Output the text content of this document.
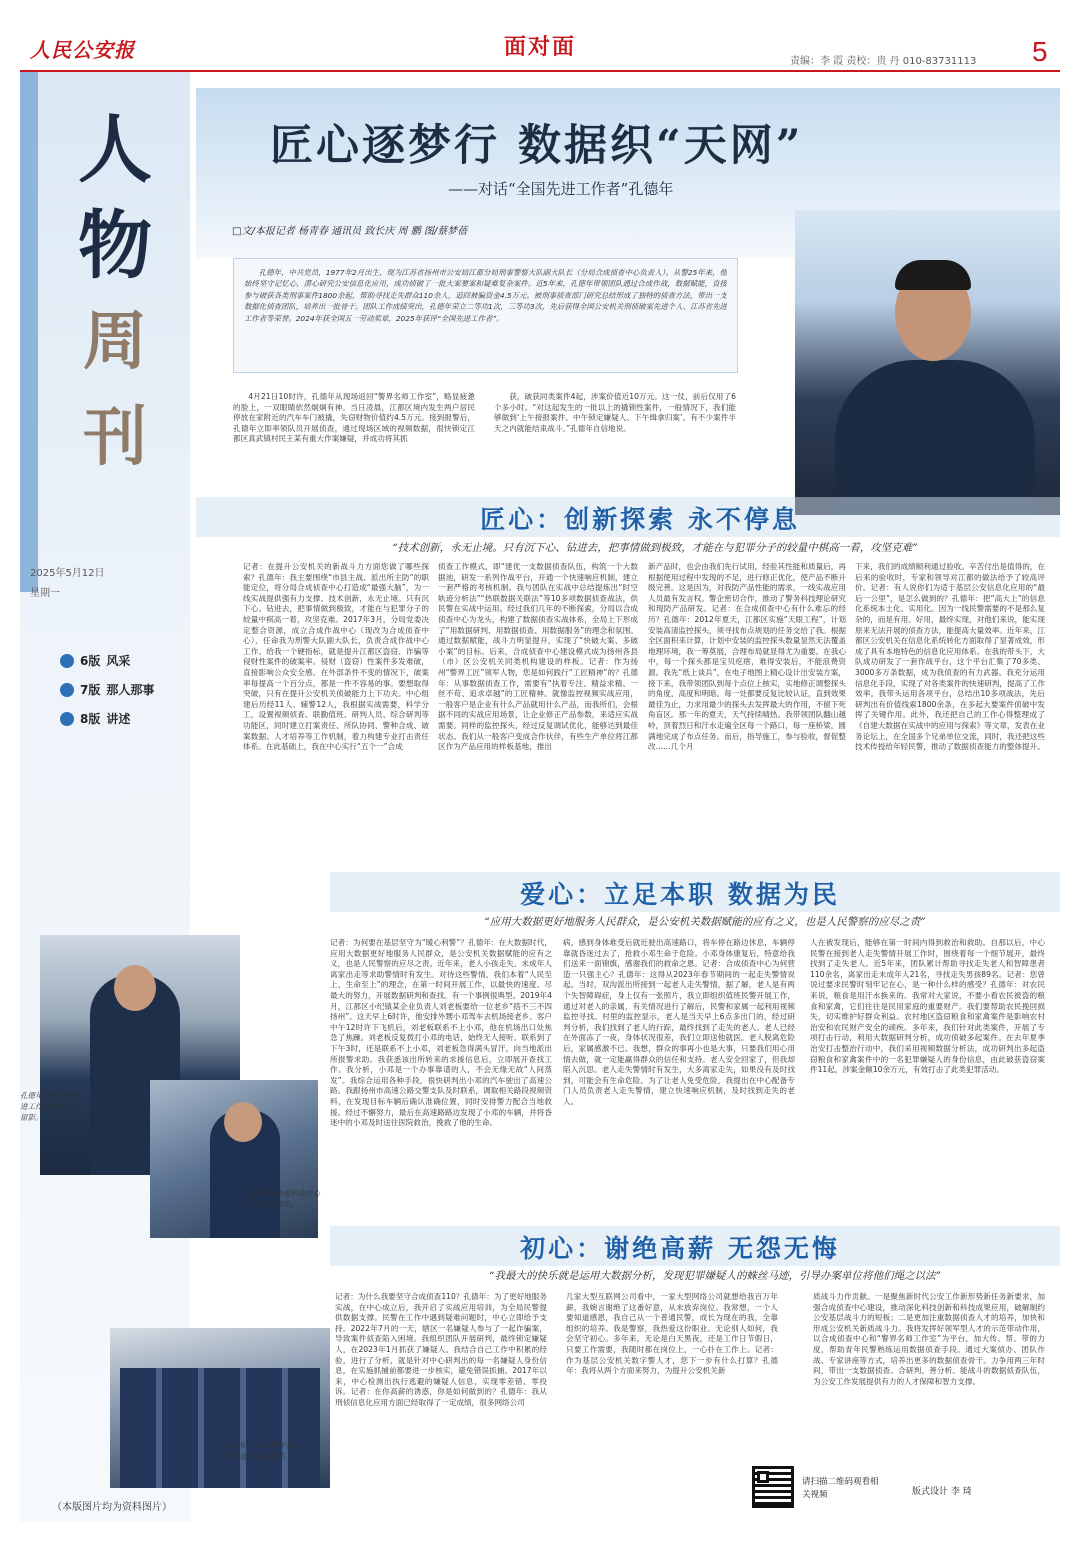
人民公安报	面对面
责编：李 霞 责校：贵 丹 010-83731113 5
人
物
周
刊
2025年5月12日
星期一
6版 风采
7版 那人那事
8版 讲述
孔德年参加全国先进工作者表彰大会留影。
孔德年在合成侦查中心认真分析案件。
孔德年与合成侦查中心同事交流研判案件。
（本版图片均为资料图片）
匠心逐梦行 数据织“天网”
——对话“全国先进工作者”孔德年
□文/本报记者 杨青春 通讯员 致长庆 周 鹏 图/蔡梦蓓
孔德年，中共党员，1977年2月出生，现为江苏省扬州市公安局江都分局刑事警察大队副大队长（分局合成侦查中心负责人）。从警25年来，他始终坚守记忆心，潜心研究公安信息化应用，成功侦破了一批大案要案和疑难复杂案件。近5年来，孔德年带领团队通过合成作战，数据赋能，直接参与破获各类刑事案件1800余起，帮助寻找走失群众110余人，追回被骗资金4.5万元。被刑事侦查部门研究总结形成了独特的侦查方法，带出一支数据化侦查团队，培养出一批骨干。团队工作成绩突出，孔德年荣立二等功1次，三等功3次，先后获得全国公安机关刑侦破案先进个人、江苏省先进工作者等荣誉。2024年获全国五一劳动奖章，2025年获评“全国先进工作者”。
4月21日10时许，孔德年从现场返回“警界名师工作室”，略显疲惫的脸上，一双眼睛依然炯炯有神。当日凌晨，江都区境内发生两户居民停放在家附近的汽车车门被撬，失窃财物价值约4.5万元。接到报警后，孔德年立即率领队员开展侦查，通过现场区域的视频数据，很快锁定江都区真武镇村民王某有重大作案嫌疑，并成功将其抓
获，破获同类案件4起，涉案价值近10万元。这一仗，前后仅用了6个多小时。“对这起发生的一批以上的撬锁性案件，一般情况下，我们能够做到‘上午接报案件、中午锁定嫌疑人、下午缉拿归案’。有不少案件半天之内就能结束战斗。”孔德年自信地说。
匠心：创新探索 永不停息
“技术创新，永无止境。只有沉下心、钻进去，把事情做到极致，才能在与犯罪分子的较量中棋高一着，攻坚克难”
记者：在提升公安机关的新战斗力方面您做了哪些探索？孔德年：我主要围绕“市县主战、派出所主防”的职能定位，将分局合成侦查中心打造成“最强大脑”，为一线实战提供强有力支撑。技术创新，永无止境。只有沉下心、钻进去，把事情做到极致，才能在与犯罪分子的较量中棋高一着，攻坚克难。2017年3月，分局党委决定整合资源，成立合成作战中心（现改为合成侦查中心），任命我为刑警大队副大队长，负责合成作战中心工作。给我一个硬指标，就是提升江都区盗窃、诈骗等侵财性案件的破案率。侵财（盗窃）性案件多发难破，直接影响公众安全感。在外部条件不变的情况下，破案率每提高一个百分点，都是一件不容易的事。要想取得突破，只有在提升公安机关侦破能力上下功夫。中心组建后历经11人、辅警12人，我根据实战需要，科学分工，设置视频侦查、联勤值班、研判人员、综合研判等功能区，同时建立打案责任、所队协同、警种合成、破案数据、人才培养等工作机制，着力构建专业打击责任体系。在此基础上，我在中心实行“五个一”合成
侦查工作模式，即“建优一支数据侦查队伍，构筑一个大数据池，研发一系列作战平台，开通一个快速响应机制，建立一套严格的考核机制。我与团队在实战中总结提炼出“时空轨迹分析法”“热联数据关联法”等10多项数据侦查战法，供民警在实战中运用。经过我们几年的不断探索，分局以合成侦查中心为龙头，构建了数据侦查实战体系，全局上下形成了“用数据研判、用数据侦查、用数据服务”的理念和氛围。通过数据赋能，战斗力明显提升，实现了“快破大案、多破小案”的目标。后来，合成侦查中心建设模式成为扬州各县（市）区公安机关同类机构建设的样板。记者：作为扬州“警界工匠”领军人物，您是如何践行“工匠精神”的？孔德年：从事数据侦查工作，需要有“执着专注、精益求精、一丝不苟、追求卓越”的工匠精神。就像监控视频实战应用，一般客户是企业有什么产品就用什么产品，而我所们，会根据不同的实战应用场景，让企业修正产品参数，来适应实战需要。同样的监控探头，经过反复调试优化，能够达到最佳状态。我们从一般客户变成合作伙伴，有些生产单位将江都区作为产品应用的样板基地，推出
新产品时，也会由我们先行试用，经验其性能和质量后，再根据使用过程中发现的不足，进行修正优化，使产品不断升级完善。这是因为，对我防产品性能的需求，一线实战应用人员最有发言权。警企密切合作，推动了警务科技理论研究和现防产品研发。记者：在合成侦查中心有什么难忘的经历？孔德年：2012年夏天，江都区实施“天眼工程”，计划安装高清监控探头，须寻找布点规划的任务交给了我。根据全区面积来计算，计划中安装的监控探头数量显然无法覆盖地理环境，我一筹莫展，合理布局就显得尤为重要。在我心中，每一个探头都是宝贝疙瘩，难得安装后，不能浪费资源。我先“纸上谈兵”，在电子地图上精心设计出安装方案，接下来，我带领团队到每个点位上核实，实地修正调整探头的角度，高度和明暗。每一处都要反复比较认证，直到效果最佳为止，力求用最少的探头去发挥最大的作用，不留下死角盲区。那一年的夏天，天气持续晴热。我带领团队翻山越岭，顶着烈日和汗水走遍全区每一个路口，每一座桥梁，圆满地完成了布点任务。而后，指导施工，参与验收，督促整改……几个月
下来，我们的成绩顺利通过验收。辛苦付出是值得的，在后来的验收时，专家和领导对江都的做法给予了较高评价。记者：有人说你们为适于基层公安信息化应用的“最后一公里”，是怎么做到的？孔德年：把“高大上”的信息化系统本土化、实用化。因为一线民警需要的不是那么复杂的，而是有用、好用，最终实现，对他们来说，能实现原来无法开展的侦查方法，能提高大量效率。近年来，江都区公安机关在信息化系统转化方面取得了显著成效，形成了具有本地特色的信息化应用体系。在我的带头下，大队成功研发了一套作战平台，这个平台汇集了70多类、3000多万条数据，成为我侦查的有力武器。我充分运用信息化手段，实现了对各类案件的快速研判，提高了工作效率。我带头运用各项平台，总结出10多项战法，先后研判出有价值线索1800余条，在多起大要案件侦破中发挥了关键作用。此外，我还把自己的工作心得整理成了《自建大数据在实战中的应用与探索》等文章，发表在业务论坛上，在全国多个兄弟单位交流，同时，我还把这些技术传授给年轻民警，推动了数据侦查能力的整体提升。
爱心：立足本职 数据为民
“应用大数据更好地服务人民群众，是公安机关数据赋能的应有之义，也是人民警察的应尽之责”
记者：为何要在基层坚守为“暖心利警”？孔德年：在大数据时代，应用大数据更好地服务人民群众，是公安机关数据赋能的应有之义，也是人民警察的应尽之责。近年来，老人小孩走失、未成年人离家出走等求助警情时有发生。对待这些警情，我们本着“人民至上、生命至上”的理念，在第一时间开展工作，以最快的速度、尽最大的努力，开展数据研判和查找。有一个事例很典型。2019年4月，江都区小纪镇某企业负责人刘老板要给一位老乡“搭不三不四扬州”。这天早上6时许，他安排外甥小邓驾车去机场接老乡。客户中午12时许下飞机后，刘老板联系不上小邓，他在机场出口处焦急了焦躁。刘老板反复拨打小邓的电话，始终无人接听。联系到了下午3时，还是联系不上小邓，刘老板急得满头冒汗，向当地派出所报警求助。我获悉该出所转来的求援信息后，立即展开查找工作。我分析，小邓是一个办事靠谱的人，不会无缘无故“人间蒸发”。我综合运用各种手段，很快研判出小邓的汽车驶出了高速公路。我跟扬州市高速公路交警支队及时联系，调取相关路段视频资料，在发现目标车辆后确认准确位置，同时安排警力配合当地救援。经过不懈努力，最后在高速路路边发现了小邓的车辆，并将昏迷中的小邓及时送往医院救治，挽救了他的生命。
病，感到身体难受后就近驶出高速路口，将车停在路边休息，车辆停靠就昏迷过去了，抢救小邓生命于危险。小邓身体康复后，特意给我们送来一面锦旗，感谢我们的救命之恩。记者：合成侦查中心为何营造一只强主心？孔德年：这得从2023年春节期间的一起走失警情说起。当时，双沟派出所接到一起老人走失警情，据了解，老人是有两个失智障碍症，身上仅有一张照片，我立即组织值班民警开展工作，通过对老人的亲属，有关情况进行了解后，民警和家属一起利用视频监控寻找。村里的监控显示，老人是当天早上6点多出门的，经过研判分析，我们找到了老人的行踪，最终找到了走失的老人。老人已经在外面冻了一夜，身体状况很差，我们立即送他就医。老人脱离危险后，家属感激不已。我想，群众的事再小也是大事，只要我们用心用情去做，就一定能赢得群众的信任和支持。老人安全回家了，但我却陷入沉思。老人走失警情时有发生，大多离家走失，如果没有及时找到，可能会有生命危险。为了让老人免受危险，我提出在中心配备专门人员负责老人走失警情，建立快速响应机制，及时找到走失的老人。
人在被发现后，能够在第一时间内得到救治和救助。自那以后，中心民警在接到老人走失警情开展工作时，围绕着每一个细节展开，最终找到了走失老人。近5年来，团队累计帮助寻找走失老人和智障患者110余名，离家出走未成年人21名，寻找走失男孩89名。记者：您曾说过要求民警时刻牢记在心，是一种什么样的感受？孔德年：对农民来说，粮食是用汗水换来的。我常对大家说，不要小看农民被盗的粮食和家禽，它们往往是民用家庭的重要财产。我们要帮助农民挽回损失，切实维护好群众利益。农村地区盗窃粮食和家禽案件是影响农村治安和农民财产安全的顽疾。多年来，我们针对此类案件，开展了专项打击行动，利用大数据研判分析，成功侦破多起案件。在去年夏季治安打击整治行动中，我们采用视频数据分析法，成功研判出多起盗窃粮食和家禽案件中的一名犯罪嫌疑人的身份信息，由此破获盗窃案件11起，涉案金额10余万元，有效打击了此类犯罪活动。
初心：谢绝高薪 无怨无悔
“我最大的快乐就是运用大数据分析，发现犯罪嫌疑人的蛛丝马迹，引导办案单位将他们绳之以法”
记者：为什么我要坚守合成侦查110？孔德年：为了更好地服务实战，在中心成立后，我开启了实战应用培训，为全局民警提供数据支撑。民警在工作中遇到疑难问题时，中心立即给予支持。2022年7月的一天，辖区一名嫌疑人参与了一起诈骗案，导致案件侦查陷入困境。我组织团队开展研判，最终锁定嫌疑人，在2023年1月抓获了嫌疑人。我结合自己工作中积累的经验，进行了分析，就是针对中心研判出的每一名嫌疑人身份信息，在实施抓捕前都要进一步核实，避免错误抓捕。2017年以来，中心检测出执行逃避的嫌疑人信息，实现零差错、零投诉。记者：在你高薪的诱惑，你是如何做到的？孔德年：我从刑侦信息化应用方面已经取得了一定成绩，很多网络公司
几家大型互联网公司看中，一家大型网络公司就想给我百万年薪，我婉言谢绝了这番好意，从未放弃岗位。我常想，一个人要知道感恩，我自己从一个普通民警，成长为现在的我，全靠组织的培养。我是警察，我热爱这份职业。无论别人如何，我会坚守初心。多年来，无论是白天黑夜，还是工作日节假日，只要工作需要，我随时都在岗位上，一心扑在工作上。记者：作为基层公安机关数字警人才，您下一步有什么打算？孔德年：我将从两个方面来努力，为提升公安机关新
质战斗力作贡献。一是聚焦新时代公安工作新形势新任务新要求，加强合成侦查中心建设，推动深化科技创新和科技成果应用，破解制约公安基层战斗力的短板；二是更加注重数据侦查人才的培养，加快和形成公安机关新质战斗力。我将发挥好领军型人才的示范带动作用，以合成侦查中心和“警界名师工作室”为平台，加大传、帮、带的力度，帮助青年民警熟练运用数据侦查手段。通过大案侦办、团队作战、专家讲座等方式，培养出更多的数据侦查骨干。力争用两三年时间，带出一支数据侦查、合研判、善分析、能战斗的数据侦查队伍，为公安工作发展提供有力的人才保障和智力支撑。
请扫描二维码观看相关视频	版式设计 李 琦
